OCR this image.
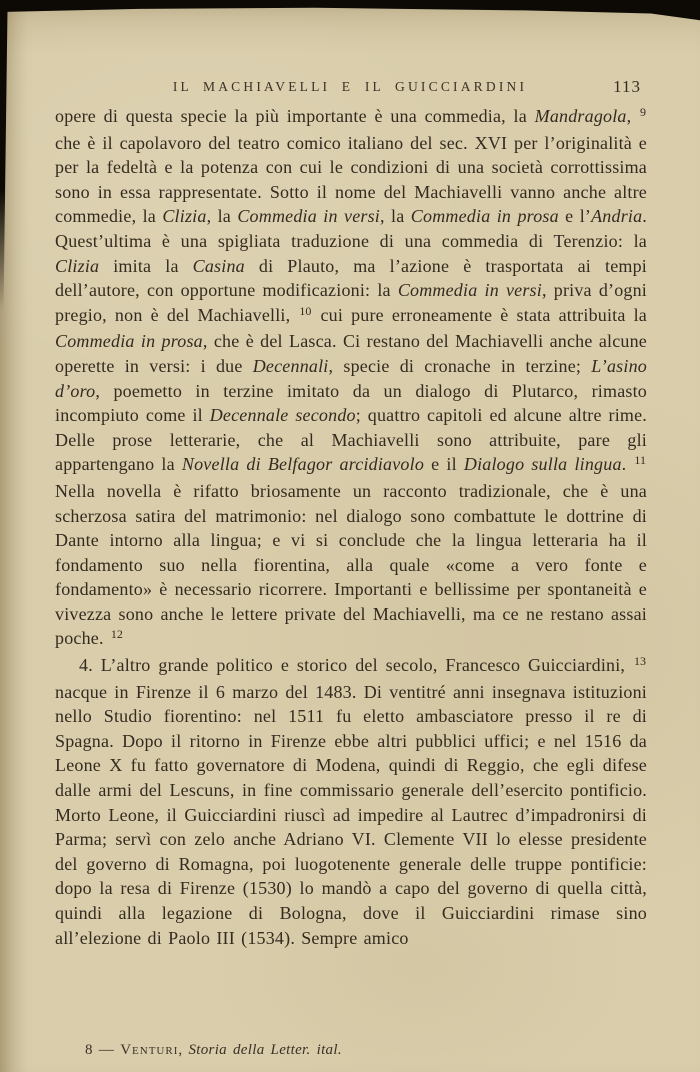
IL MACHIAVELLI E IL GUICCIARDINI	113

opere di questa specie la più importante è una commedia, la Mandragola, $^9$ che è il capolavoro del teatro comico italiano del sec. XVI per l’originalità e per la fedeltà e la potenza con cui le condizioni di una società corrottissima sono in essa rappresentate. Sotto il nome del Machiavelli vanno anche altre commedie, la Clizia, la Commedia in versi, la Commedia in prosa e l’Andria. Quest’ultima è una spigliata traduzione di una commedia di Terenzio: la Clizia imita la Casina di Plauto, ma l’azione è trasportata ai tempi dell’autore, con opportune modificazioni: la Commedia in versi, priva d’ogni pregio, non è del Machiavelli, $^{10}$ cui pure erroneamente è stata attribuita la Commedia in prosa, che è del Lasca. Ci restano del Machiavelli anche alcune operette in versi: i due Decennali, specie di cronache in terzine; L’asino d’oro, poemetto in terzine imitato da un dialogo di Plutarco, rimasto incompiuto come il Decennale secondo; quattro capitoli ed alcune altre rime. Delle prose letterarie, che al Machiavelli sono attribuite, pare gli appartengano la Novella di Belfagor arcidiavolo e il Dialogo sulla lingua. $^{11}$ Nella novella è rifatto briosamente un racconto tradizionale, che è una scherzosa satira del matrimonio: nel dialogo sono combattute le dottrine di Dante intorno alla lingua; e vi si conclude che la lingua letteraria ha il fondamento suo nella fiorentina, alla quale «come a vero fonte e fondamento» è necessario ricorrere. Importanti e bellissime per spontaneità e vivezza sono anche le lettere private del Machiavelli, ma ce ne restano assai poche. $^{12}$

4. L’altro grande politico e storico del secolo, Francesco Guicciardini, $^{13}$ nacque in Firenze il 6 marzo del 1483. Di ventitré anni insegnava istituzioni nello Studio fiorentino: nel 1511 fu eletto ambasciatore presso il re di Spagna. Dopo il ritorno in Firenze ebbe altri pubblici uffici; e nel 1516 da Leone X fu fatto governatore di Modena, quindi di Reggio, che egli difese dalle armi del Lescuns, in fine commissario generale dell’esercito pontificio. Morto Leone, il Guicciardini riuscì ad impedire al Lautrec d’impadronirsi di Parma; servì con zelo anche Adriano VI. Clemente VII lo elesse presidente del governo di Romagna, poi luogotenente generale delle truppe pontificie: dopo la resa di Firenze (1530) lo mandò a capo del governo di quella città, quindi alla legazione di Bologna, dove il Guicciardini rimase sino all’elezione di Paolo III (1534). Sempre amico

8 — Venturi, Storia della Letter. ital.
